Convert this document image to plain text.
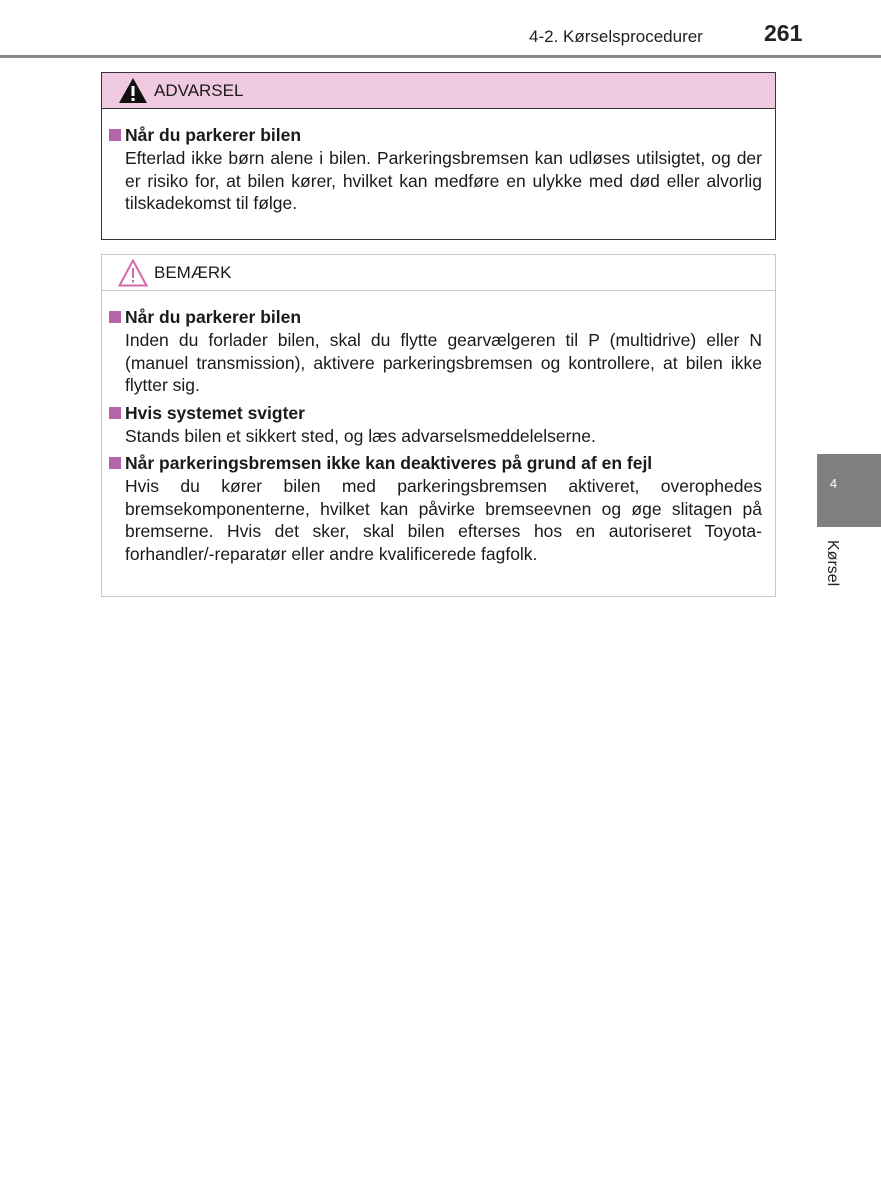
4-2. Kørselsprocedurer	261
ADVARSEL
Når du parkerer bilen
Efterlad ikke børn alene i bilen. Parkeringsbremsen kan udløses utilsigtet, og der er risiko for, at bilen kører, hvilket kan medføre en ulykke med død eller alvorlig tilskadekomst til følge.
BEMÆRK
Når du parkerer bilen
Inden du forlader bilen, skal du flytte gearvælgeren til P (multidrive) eller N (manuel transmission), aktivere parkeringsbremsen og kontrollere, at bilen ikke flytter sig.
Hvis systemet svigter
Stands bilen et sikkert sted, og læs advarselsmeddelelserne.
Når parkeringsbremsen ikke kan deaktiveres på grund af en fejl
Hvis du kører bilen med parkeringsbremsen aktiveret, overophedes bremsekomponenterne, hvilket kan påvirke bremseevnen og øge slitagen på bremserne. Hvis det sker, skal bilen efterses hos en autoriseret Toyota-forhandler/-reparatør eller andre kvalificerede fagfolk.
4
Kørsel
